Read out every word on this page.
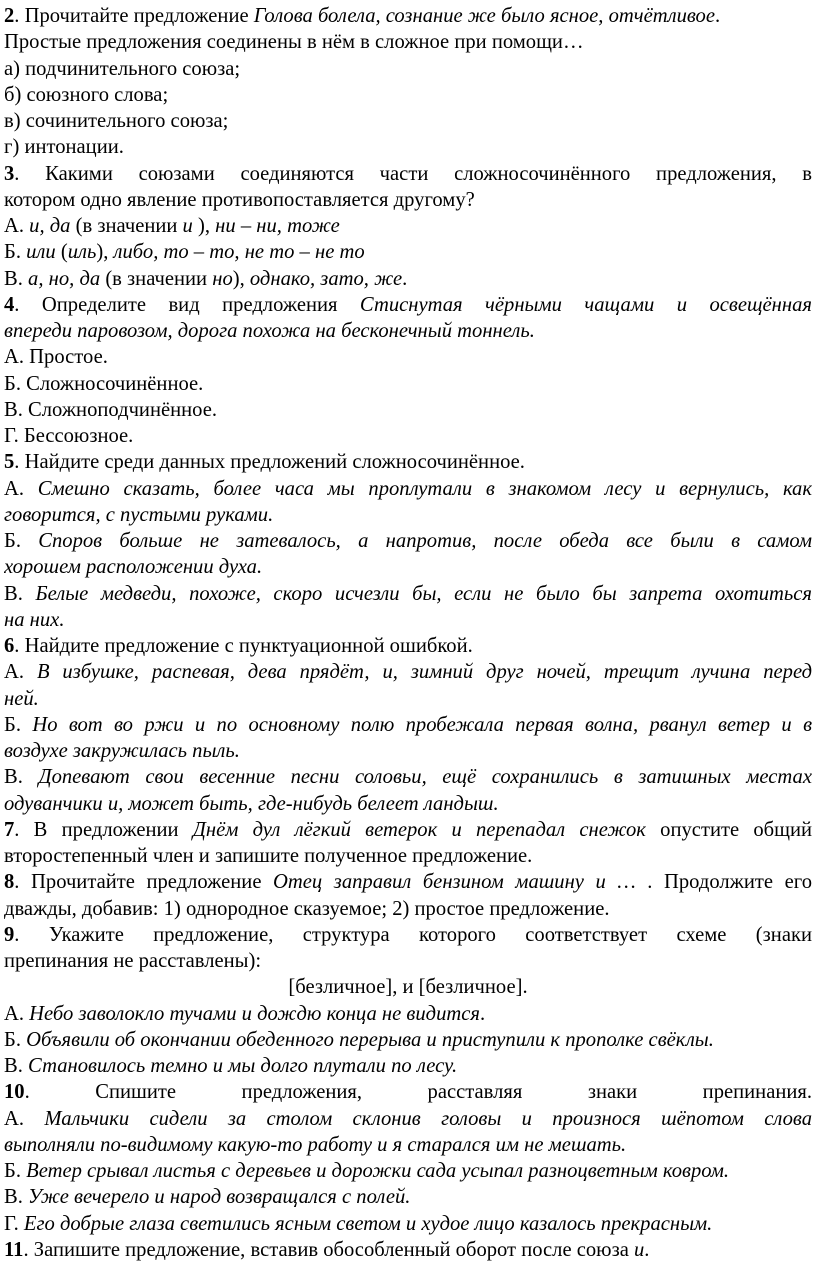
2. Прочитайте предложение Голова болела, сознание же было ясное, отчётливое.
Простые предложения соединены в нём в сложное при помощи…
а) подчинительного союза;
б) союзного слова;
в) сочинительного союза;
г) интонации.
3. Какими союзами соединяются части сложносочинённого предложения, в
котором одно явление противопоставляется другому?
А. и, да (в значении и ), ни – ни, тоже
Б. или (иль), либо, то – то, не то – не то
В. а, но, да (в значении но), однако, зато, же.
4. Определите вид предложения Стиснутая чёрными чащами и освещённая
впереди паровозом, дорога похожа на бесконечный тоннель.
А. Простое.
Б. Сложносочинённое.
В. Сложноподчинённое.
Г. Бессоюзное.
5. Найдите среди данных предложений сложносочинённое.
А. Смешно сказать, более часа мы проплутали в знакомом лесу и вернулись, как
говорится, с пустыми руками.
Б. Споров больше не затевалось, а напротив, после обеда все были в самом
хорошем расположении духа.
В. Белые медведи, похоже, скоро исчезли бы, если не было бы запрета охотиться
на них.
6. Найдите предложение с пунктуационной ошибкой.
А. В избушке, распевая, дева прядёт, и, зимний друг ночей, трещит лучина перед
ней.
Б. Но вот во ржи и по основному полю пробежала первая волна, рванул ветер и в
воздухе закружилась пыль.
В. Допевают свои весенние песни соловьи, ещё сохранились в затишных местах
одуванчики и, может быть, где-нибудь белеет ландыш.
7. В предложении Днём дул лёгкий ветерок и перепадал снежок опустите общий
второстепенный член и запишите полученное предложение.
8. Прочитайте предложение Отец заправил бензином машину и … . Продолжите его
дважды, добавив: 1) однородное сказуемое; 2) простое предложение.
9. Укажите предложение, структура которого соответствует схеме (знаки
препинания не расставлены):
[безличное], и [безличное].
А. Небо заволокло тучами и дождю конца не видится.
Б. Объявили об окончании обеденного перерыва и приступили к прополке свёклы.
В. Становилось темно и мы долго плутали по лесу.
10. Спишите предложения, расставляя знаки препинания.
А. Мальчики сидели за столом склонив головы и произнося шёпотом слова
выполняли по-видимому какую-то работу и я старался им не мешать.
Б. Ветер срывал листья с деревьев и дорожки сада усыпал разноцветным ковром.
В. Уже вечерело и народ возвращался с полей.
Г. Его добрые глаза светились ясным светом и худое лицо казалось прекрасным.
11. Запишите предложение, вставив обособленный оборот после союза и.
